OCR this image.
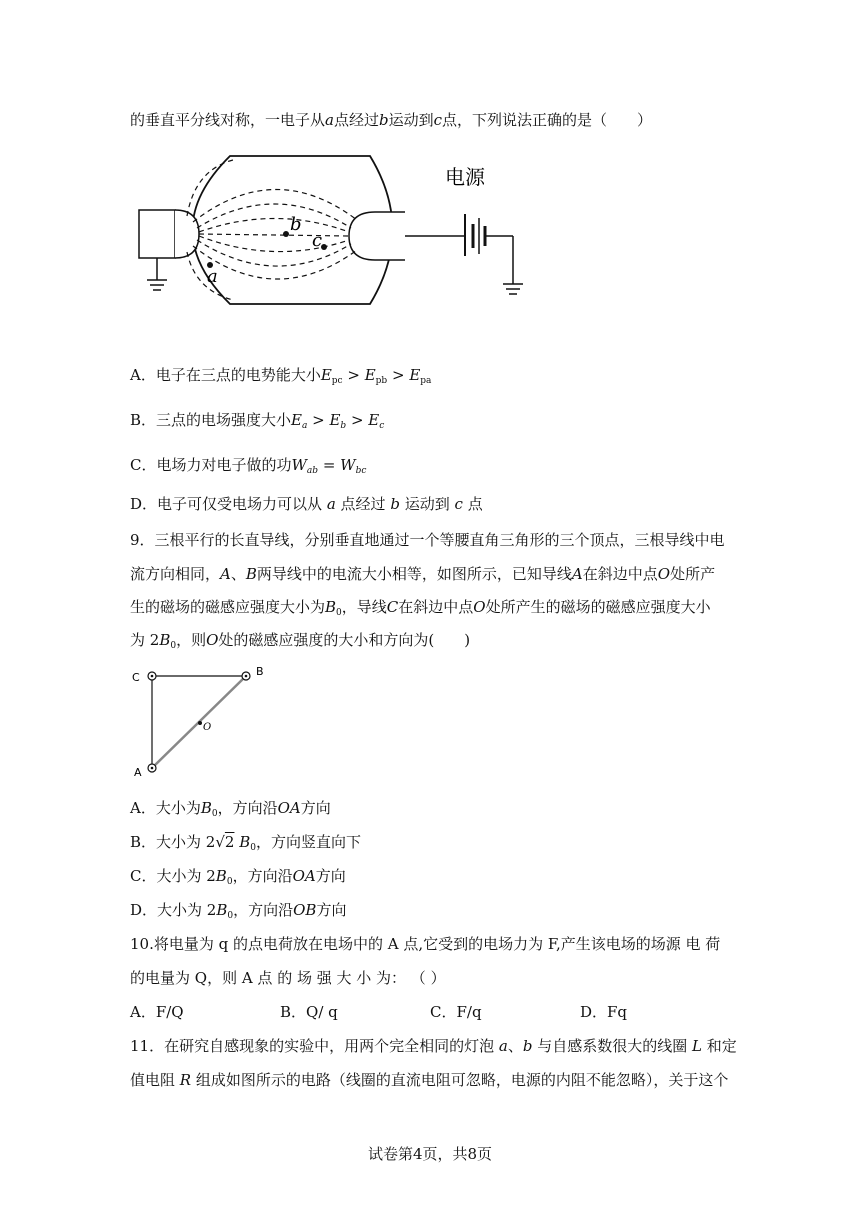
的垂直平分线对称，一电子从a点经过b运动到c点，下列说法正确的是（　　）
b
c
a
电源
A．电子在三点的电势能大小$E_{pc} > E_{pb} > E_{pa}$
B．三点的电场强度大小$E_a > E_b > E_c$
C．电场力对电子做的功$W_{ab} = W_{bc}$
D．电子可仅受电场力可以从 a 点经过 b 运动到 c 点
9．三根平行的长直导线，分别垂直地通过一个等腰直角三角形的三个顶点，三根导线中电
流方向相同，A、B两导线中的电流大小相等，如图所示，已知导线A在斜边中点O处所产
生的磁场的磁感应强度大小为$B_0$，导线C在斜边中点O处所产生的磁场的磁感应强度大小
为 $2B_0$，则O处的磁感应强度的大小和方向为(　　)
C	B
A
O
A．大小为$B_0$，方向沿OA方向
B．大小为 2√2 $B_0$，方向竖直向下
C．大小为 $2B_0$，方向沿OA方向
D．大小为 $2B_0$，方向沿OB方向
10.将电量为 q 的点电荷放在电场中的 A 点,它受到的电场力为 F,产生该电场的场源 电 荷
的电量为 Q，则 A 点 的 场 强 大 小 为： （ ）
A．F/Q	B．Q/ q	C．F/q	D．Fq
11．在研究自感现象的实验中，用两个完全相同的灯泡 a、b 与自感系数很大的线圈 L 和定
值电阻 R 组成如图所示的电路（线圈的直流电阻可忽略，电源的内阻不能忽略），关于这个
试卷第4页，共8页
